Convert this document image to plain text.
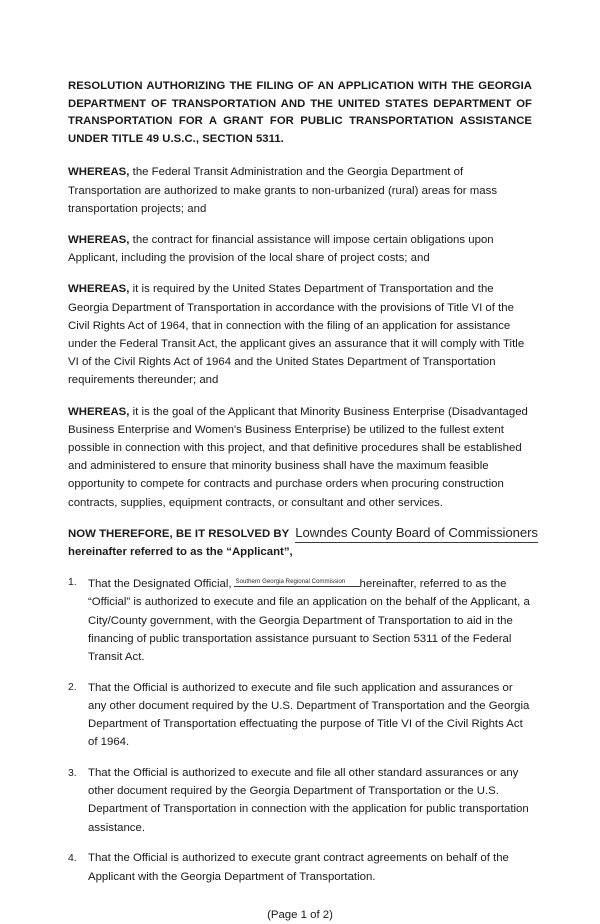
RESOLUTION AUTHORIZING THE FILING OF AN APPLICATION WITH THE GEORGIA DEPARTMENT OF TRANSPORTATION AND THE UNITED STATES DEPARTMENT OF TRANSPORTATION FOR A GRANT FOR PUBLIC TRANSPORTATION ASSISTANCE UNDER TITLE 49 U.S.C., SECTION 5311.

WHEREAS, the Federal Transit Administration and the Georgia Department of Transportation are authorized to make grants to non-urbanized (rural) areas for mass transportation projects; and

WHEREAS, the contract for financial assistance will impose certain obligations upon Applicant, including the provision of the local share of project costs; and

WHEREAS, it is required by the United States Department of Transportation and the Georgia Department of Transportation in accordance with the provisions of Title VI of the Civil Rights Act of 1964, that in connection with the filing of an application for assistance under the Federal Transit Act, the applicant gives an assurance that it will comply with Title VI of the Civil Rights Act of 1964 and the United States Department of Transportation requirements thereunder; and

WHEREAS, it is the goal of the Applicant that Minority Business Enterprise (Disadvantaged Business Enterprise and Women's Business Enterprise) be utilized to the fullest extent possible in connection with this project, and that definitive procedures shall be established and administered to ensure that minority business shall have the maximum feasible opportunity to compete for contracts and purchase orders when procuring construction contracts, supplies, equipment contracts, or consultant and other services.

NOW THEREFORE, BE IT RESOLVED BY Lowndes County Board of Commissioners
hereinafter referred to as the “Applicant”,
1. That the Designated Official, Southern Georgia Regional Commission	hereinafter, referred to as the “Official” is authorized to execute and file an application on the behalf of the Applicant, a City/County government, with the Georgia Department of Transportation to aid in the financing of public transportation assistance pursuant to Section 5311 of the Federal Transit Act.
2. That the Official is authorized to execute and file such application and assurances or any other document required by the U.S. Department of Transportation and the Georgia Department of Transportation effectuating the purpose of Title VI of the Civil Rights Act of 1964.
3. That the Official is authorized to execute and file all other standard assurances or any other document required by the Georgia Department of Transportation or the U.S. Department of Transportation in connection with the application for public transportation assistance.
4. That the Official is authorized to execute grant contract agreements on behalf of the Applicant with the Georgia Department of Transportation.
(Page 1 of 2)
